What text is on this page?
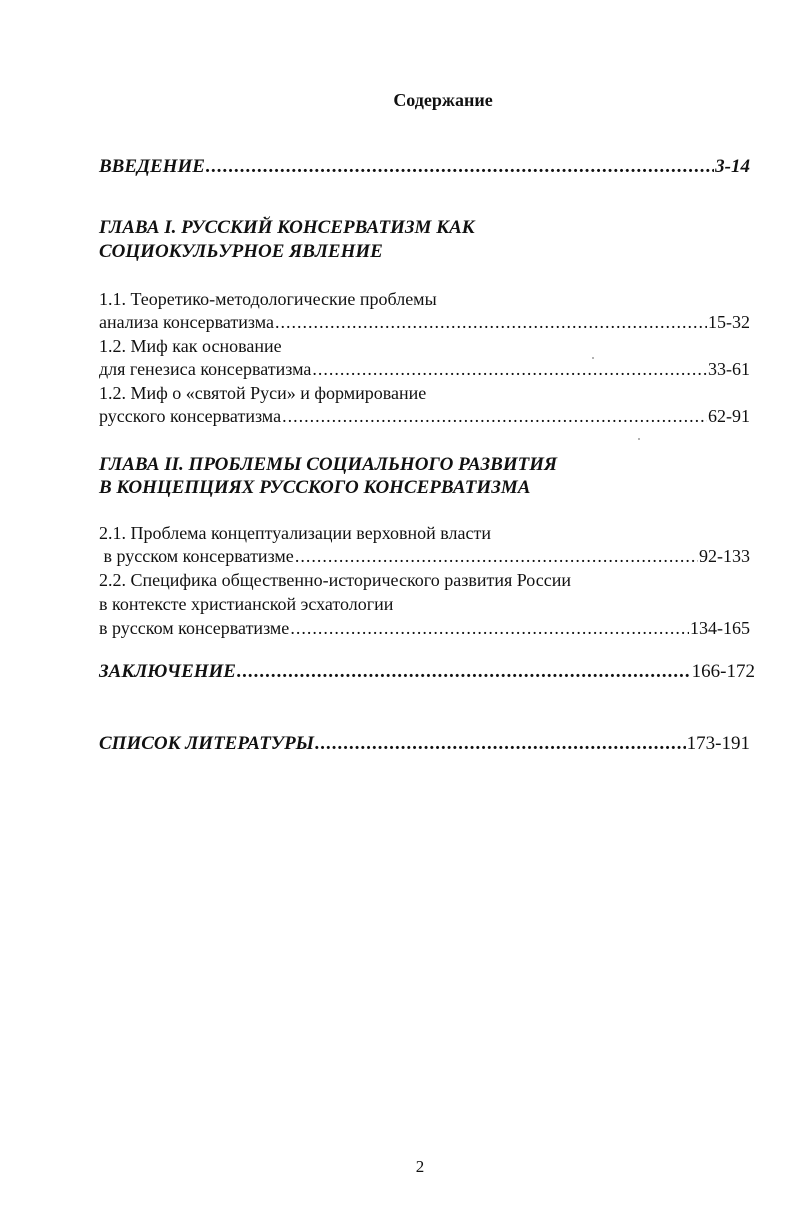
Содержание
ВВЕДЕНИЕ .....	3-14
ГЛАВА I. РУССКИЙ КОНСЕРВАТИЗМ КАК
СОЦИОКУЛЬУРНОЕ ЯВЛЕНИЕ
1.1. Теоретико-методологические проблемы
анализа консерватизма .....	15-32
1.2. Миф как основание
для генезиса консерватизма .....	33-61
1.2. Миф о «святой Руси» и формирование
русского консерватизма .....	62-91
ГЛАВА II. ПРОБЛЕМЫ СОЦИАЛЬНОГО РАЗВИТИЯ
В КОНЦЕПЦИЯХ РУССКОГО КОНСЕРВАТИЗМА
2.1. Проблема концептуализации верховной власти
в русском консерватизме .....	92-133
2.2. Специфика общественно-исторического развития России
в контексте христианской эсхатологии
в русском консерватизме .....	134-165
ЗАКЛЮЧЕНИЕ .....	166-172
СПИСОК ЛИТЕРАТУРЫ .....	173-191
2
